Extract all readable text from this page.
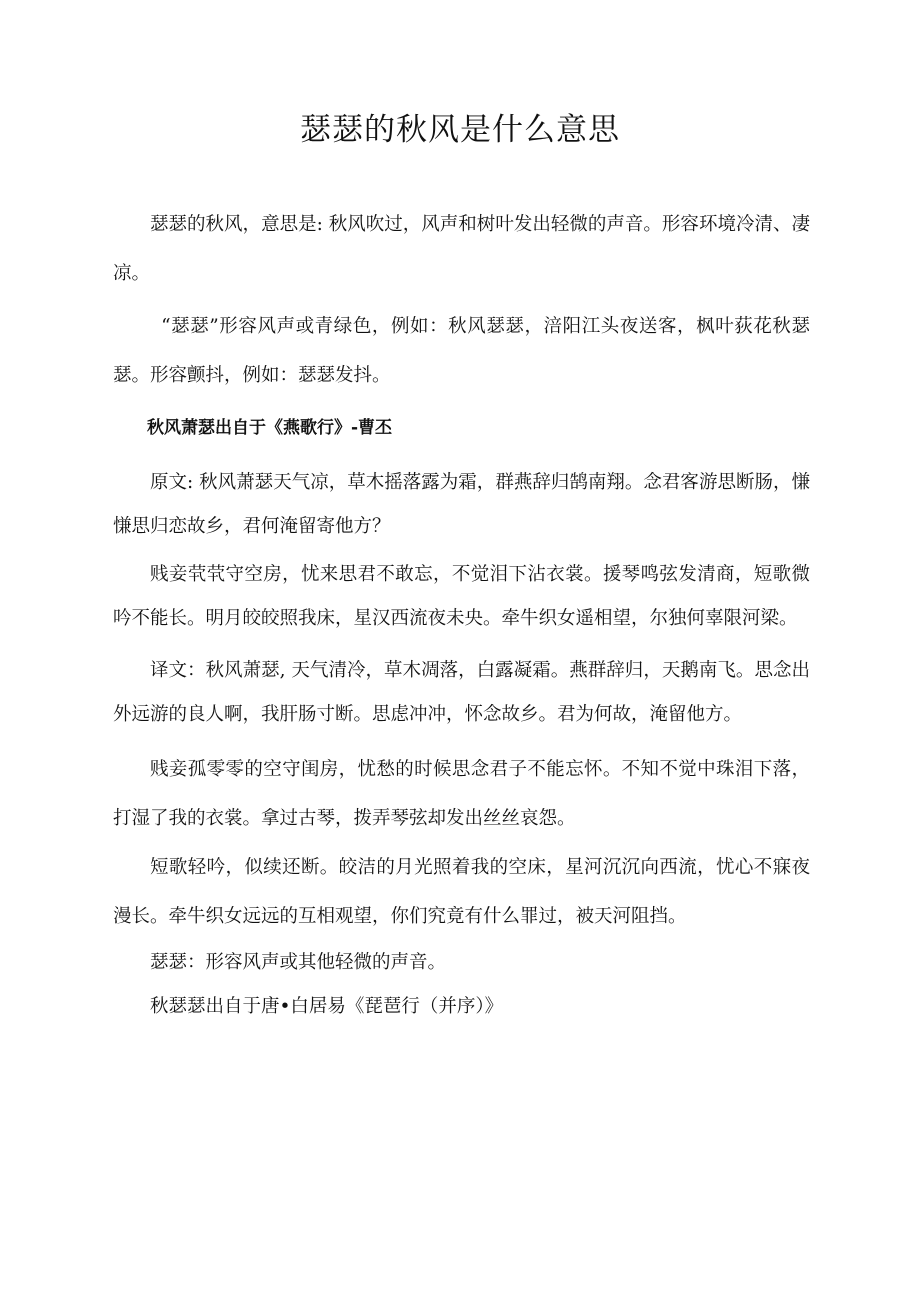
瑟瑟的秋风是什么意思

瑟瑟的秋风，意思是: 秋风吹过，风声和树叶发出轻微的声音。形容环境冷清、凄凉。

“瑟瑟”形容风声或青绿色，例如：秋风瑟瑟，涪阳江头夜送客，枫叶荻花秋瑟瑟。形容颤抖，例如：瑟瑟发抖。

秋风萧瑟出自于《燕歌行》-曹丕

原文: 秋风萧瑟天气凉，草木摇落露为霜，群燕辞归鹄南翔。念君客游思断肠，慊慊思归恋故乡，君何淹留寄他方？

贱妾茕茕守空房，忧来思君不敢忘，不觉泪下沾衣裳。援琴鸣弦发清商，短歌微吟不能长。明月皎皎照我床，星汉西流夜未央。牵牛织女遥相望，尔独何辜限河梁。

译文：秋风萧瑟, 天气清冷，草木凋落，白露凝霜。燕群辞归，天鹅南飞。思念出外远游的良人啊，我肝肠寸断。思虑冲冲，怀念故乡。君为何故，淹留他方。

贱妾孤零零的空守闺房，忧愁的时候思念君子不能忘怀。不知不觉中珠泪下落，打湿了我的衣裳。拿过古琴，拨弄琴弦却发出丝丝哀怨。

短歌轻吟，似续还断。皎洁的月光照着我的空床，星河沉沉向西流，忧心不寐夜漫长。牵牛织女远远的互相观望，你们究竟有什么罪过，被天河阻挡。

瑟瑟：形容风声或其他轻微的声音。

秋瑟瑟出自于唐•白居易《琵琶行（并序）》
